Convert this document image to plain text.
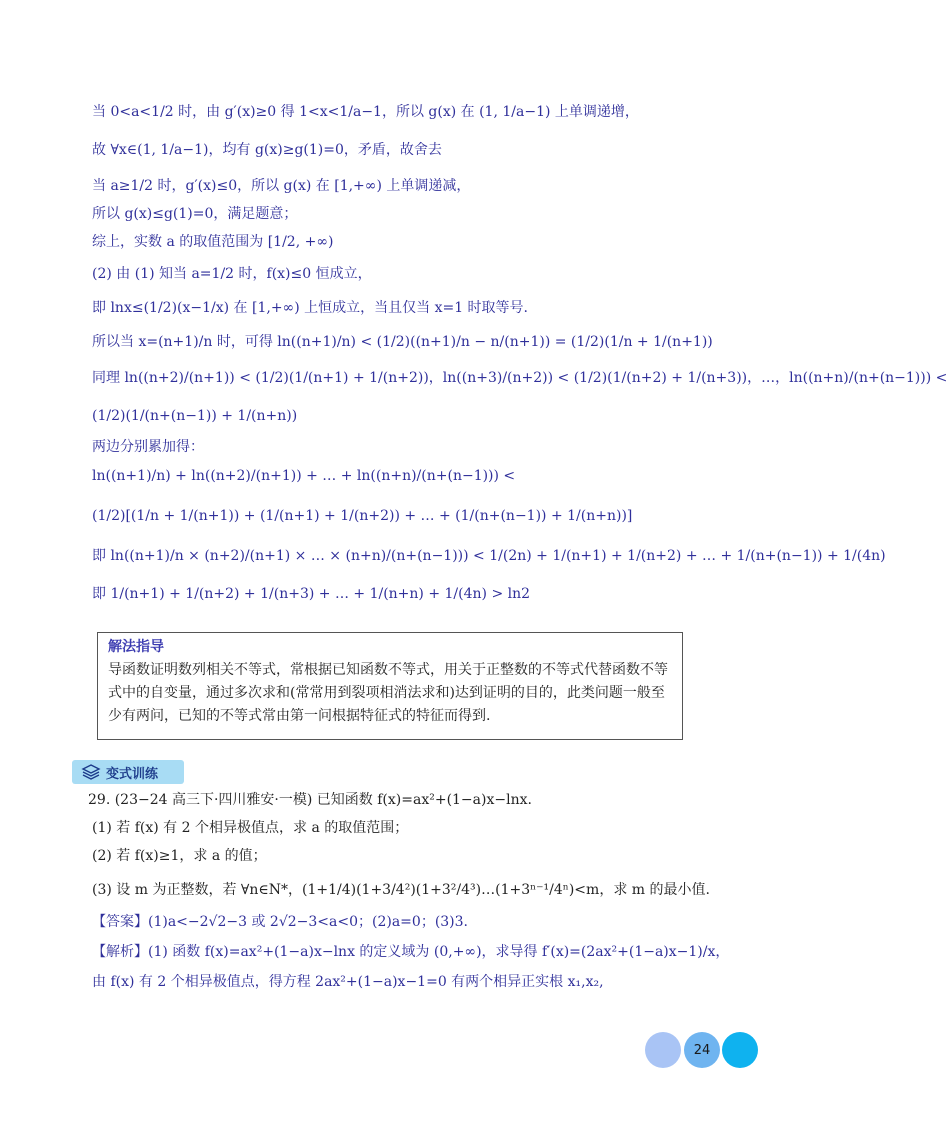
当 0<a<1/2 时，由 g′(x)≥0 得 1<x<1/a−1，所以 g(x) 在 (1, 1/a−1) 上单调递增，
故 ∀x∈(1, 1/a−1)，均有 g(x)≥g(1)=0，矛盾，故舍去
当 a≥1/2 时，g′(x)≤0，所以 g(x) 在 [1,+∞) 上单调递减，
所以 g(x)≤g(1)=0，满足题意；
综上，实数 a 的取值范围为 [1/2, +∞)
(2) 由 (1) 知当 a=1/2 时，f(x)≤0 恒成立，
即 lnx≤(1/2)(x−1/x) 在 [1,+∞) 上恒成立，当且仅当 x=1 时取等号.
所以当 x=(n+1)/n 时，可得 ln((n+1)/n) < (1/2)((n+1)/n − n/(n+1)) = (1/2)(1/n + 1/(n+1))
同理 ln((n+2)/(n+1)) < (1/2)(1/(n+1) + 1/(n+2))，ln((n+3)/(n+2)) < (1/2)(1/(n+2) + 1/(n+3))，…，ln((n+n)/(n+(n−1))) <
(1/2)(1/(n+(n−1)) + 1/(n+n))
两边分别累加得：
ln((n+1)/n) + ln((n+2)/(n+1)) + … + ln((n+n)/(n+(n−1))) <
(1/2)[(1/n + 1/(n+1)) + (1/(n+1) + 1/(n+2)) + … + (1/(n+(n−1)) + 1/(n+n))]
即 ln((n+1)/n × (n+2)/(n+1) × … × (n+n)/(n+(n−1))) < 1/(2n) + 1/(n+1) + 1/(n+2) + … + 1/(n+(n−1)) + 1/(4n)
即 1/(n+1) + 1/(n+2) + 1/(n+3) + … + 1/(n+n) + 1/(4n) > ln2
解法指导
导函数证明数列相关不等式，常根据已知函数不等式，用关于正整数的不等式代替函数不等式中的自变量，通过多次求和(常常用到裂项相消法求和)达到证明的目的，此类问题一般至少有两问，已知的不等式常由第一问根据特征式的特征而得到.
变式训练
29. (23−24 高三下·四川雅安·一模) 已知函数 f(x)=ax²+(1−a)x−lnx.
(1) 若 f(x) 有 2 个相异极值点，求 a 的取值范围；
(2) 若 f(x)≥1，求 a 的值；
(3) 设 m 为正整数，若 ∀n∈N*，(1+1/4)(1+3/4²)(1+3²/4³)…(1+3ⁿ⁻¹/4ⁿ)<m，求 m 的最小值.
【答案】(1)a<−2√2−3 或 2√2−3<a<0；(2)a=0；(3)3.
【解析】(1) 函数 f(x)=ax²+(1−a)x−lnx 的定义域为 (0,+∞)，求导得 f′(x)=(2ax²+(1−a)x−1)/x，
由 f(x) 有 2 个相异极值点，得方程 2ax²+(1−a)x−1=0 有两个相异正实根 x₁,x₂,
24
